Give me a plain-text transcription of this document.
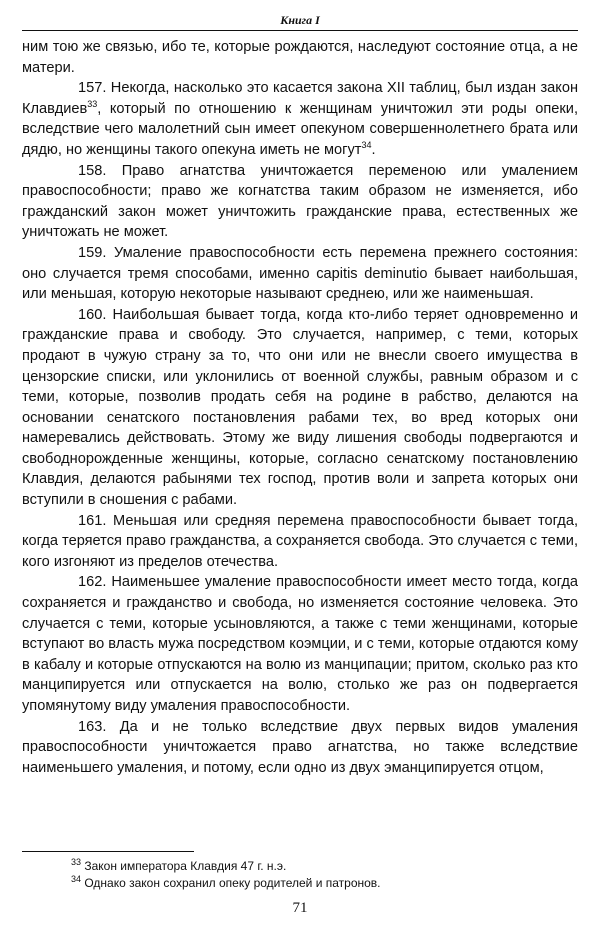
Книга I

ним тою же связью, ибо те, которые рождаются, наследуют состояние отца, а не матери.

157. Некогда, насколько это касается закона XII таблиц, был издан закон Клавдиев$^{33}$, который по отношению к женщинам уничтожил эти роды опеки, вследствие чего малолетний сын имеет опекуном совершеннолетнего брата или дядю, но женщины такого опекуна иметь не могут$^{34}$.

158. Право агнатства уничтожается переменою или умалением правоспособности; право же когнатства таким образом не изменяется, ибо гражданский закон может уничтожить гражданские права, естественных же уничтожать не может.

159. Умаление правоспособности есть перемена прежнего состояния: оно случается тремя способами, именно capitis deminutio бывает наибольшая, или меньшая, которую некоторые называют среднею, или же наименьшая.

160. Наибольшая бывает тогда, когда кто-либо теряет одновременно и гражданские права и свободу. Это случается, например, с теми, которых продают в чужую страну за то, что они или не внесли своего имущества в цензорские списки, или уклонились от военной службы, равным образом и с теми, которые, позволив продать себя на родине в рабство, делаются на основании сенатского постановления рабами тех, во вред которых они намеревались действовать. Этому же виду лишения свободы подвергаются и свободнорожденные женщины, которые, согласно сенатскому постановлению Клавдия, делаются рабынями тех господ, против воли и запрета которых они вступили в сношения с рабами.

161. Меньшая или средняя перемена правоспособности бывает тогда, когда теряется право гражданства, а сохраняется свобода. Это случается с теми, кого изгоняют из пределов отечества.

162. Наименьшее умаление правоспособности имеет место тогда, когда сохраняется и гражданство и свобода, но изменяется состояние человека. Это случается с теми, которые усыновляются, а также с теми женщинами, которые вступают во власть мужа посредством коэмции, и с теми, которые отдаются кому в кабалу и которые отпускаются на волю из манципации; притом, сколько раз кто манципируется или отпускается на волю, столько же раз он подвергается упомянутому виду умаления правоспособности.

163. Да и не только вследствие двух первых видов умаления правоспособности уничтожается право агнатства, но также вследствие наименьшего умаления, и потому, если одно из двух эманципируется отцом,

$^{33}$ Закон императора Клавдия 47 г. н.э.
$^{34}$ Однако закон сохранил опеку родителей и патронов.
71
